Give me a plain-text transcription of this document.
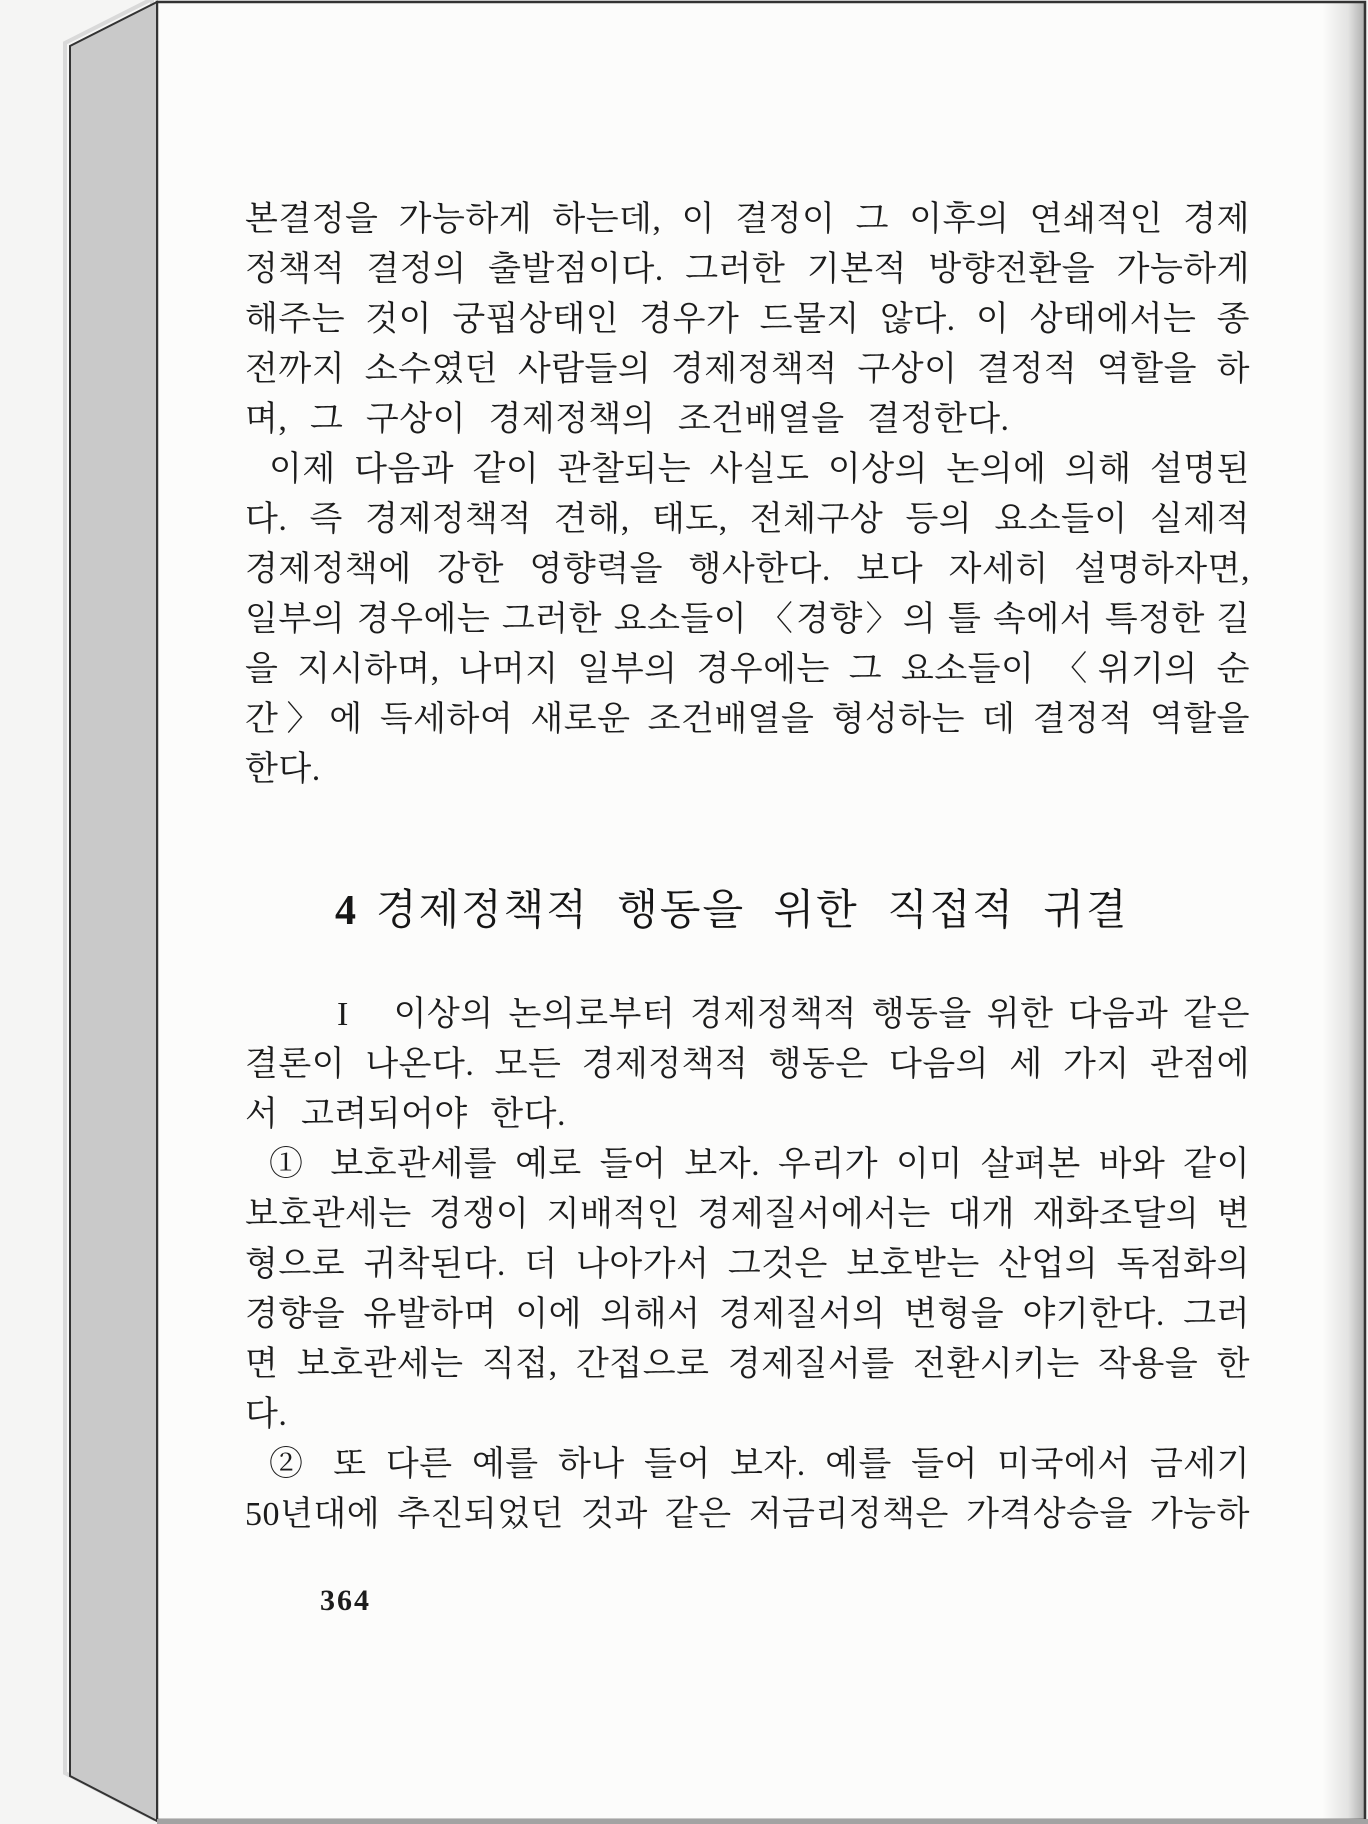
본결정을 가능하게 하는데, 이 결정이 그 이후의 연쇄적인 경제
정책적 결정의 출발점이다. 그러한 기본적 방향전환을 가능하게
해주는 것이 궁핍상태인 경우가 드물지 않다. 이 상태에서는 종
전까지 소수였던 사람들의 경제정책적 구상이 결정적 역할을 하
며, 그 구상이 경제정책의 조건배열을 결정한다.
이제 다음과 같이 관찰되는 사실도 이상의 논의에 의해 설명된
다. 즉 경제정책적 견해, 태도, 전체구상 등의 요소들이 실제적
경제정책에 강한 영향력을 행사한다. 보다 자세히 설명하자면,
일부의 경우에는 그러한 요소들이 〈경향〉의 틀 속에서 특정한 길
을 지시하며, 나머지 일부의 경우에는 그 요소들이 〈위기의 순
간〉에 득세하여 새로운 조건배열을 형성하는 데 결정적 역할을
한다.
4 경제정책적 행동을 위한 직접적 귀결
I   이상의 논의로부터 경제정책적 행동을 위한 다음과 같은
결론이 나온다. 모든 경제정책적 행동은 다음의 세 가지 관점에
서 고려되어야 한다.
① 보호관세를 예로 들어 보자. 우리가 이미 살펴본 바와 같이
보호관세는 경쟁이 지배적인 경제질서에서는 대개 재화조달의 변
형으로 귀착된다. 더 나아가서 그것은 보호받는 산업의 독점화의
경향을 유발하며 이에 의해서 경제질서의 변형을 야기한다. 그러
면 보호관세는 직접, 간접으로 경제질서를 전환시키는 작용을 한
다.
② 또 다른 예를 하나 들어 보자. 예를 들어 미국에서 금세기
50년대에 추진되었던 것과 같은 저금리정책은 가격상승을 가능하
364
